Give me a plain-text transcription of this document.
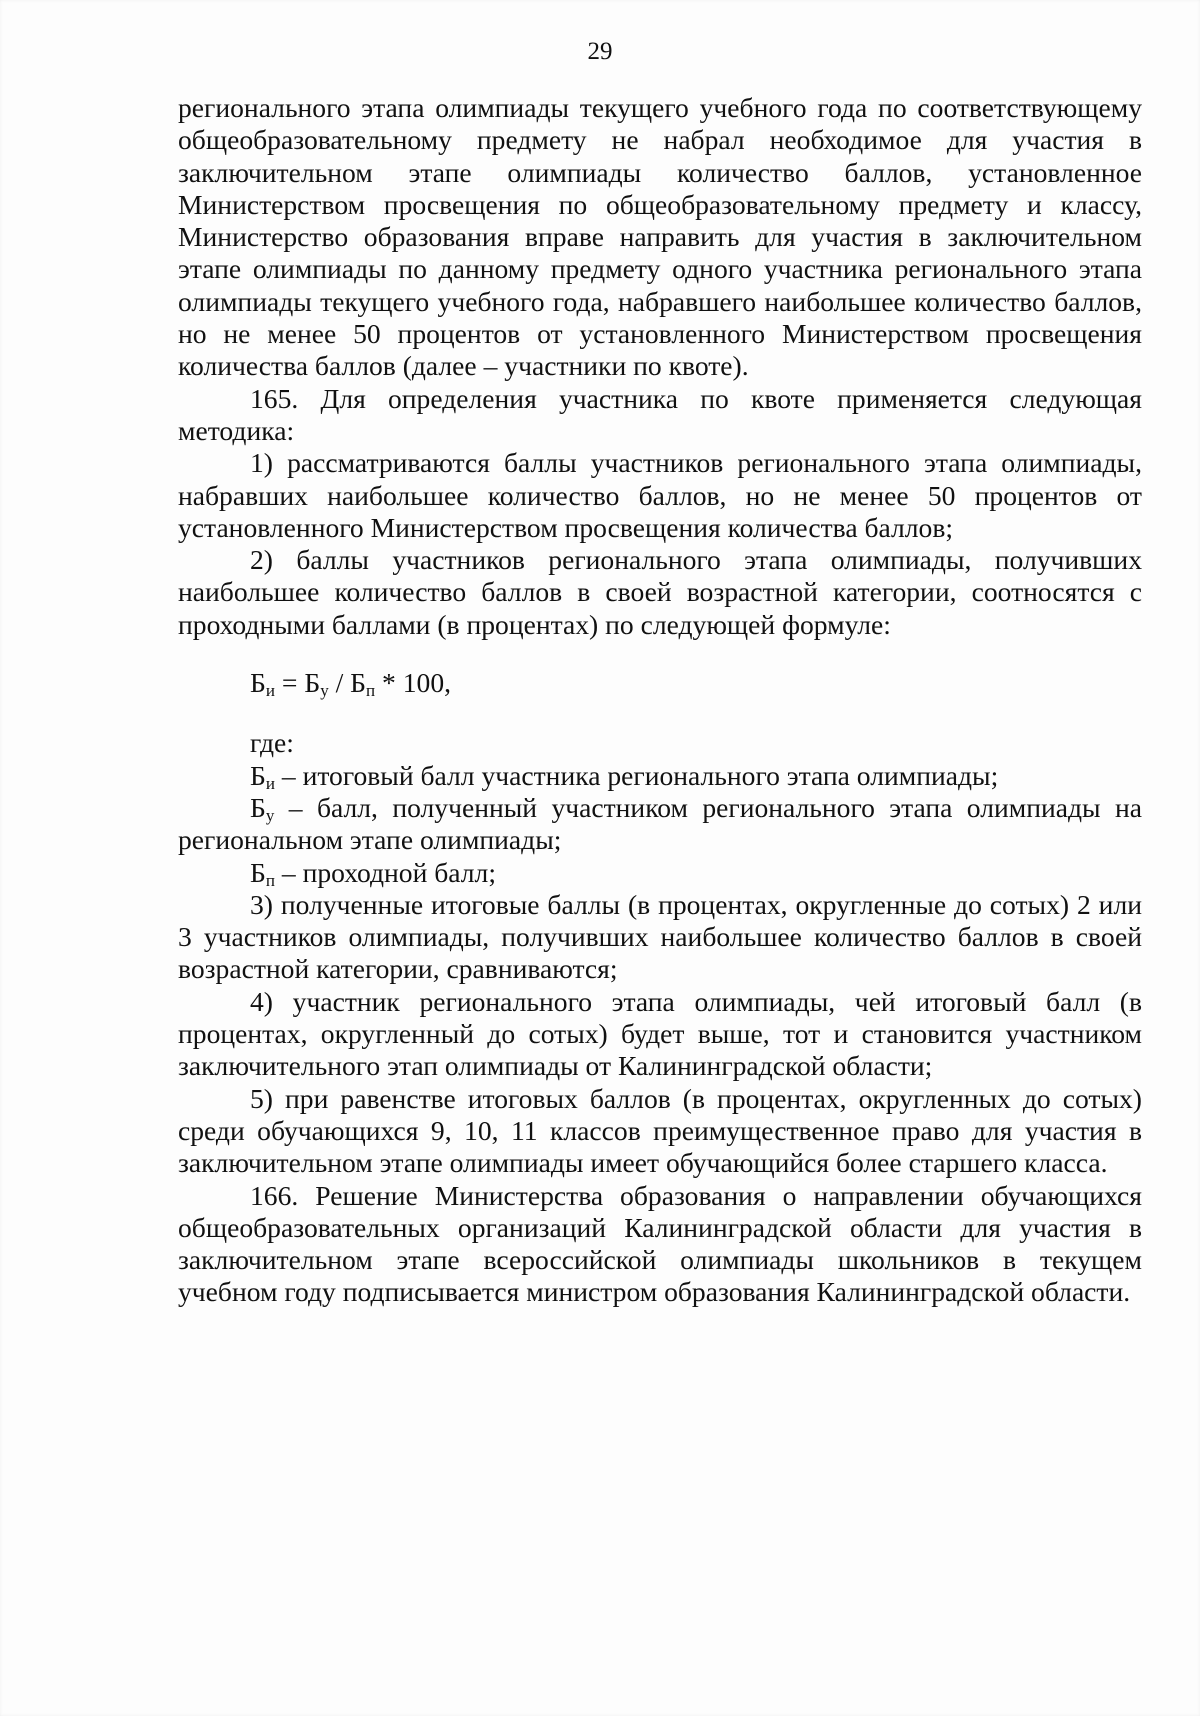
29

регионального этапа олимпиады текущего учебного года по соответствующему общеобразовательному предмету не набрал необходимое для участия в заключительном этапе олимпиады количество баллов, установленное Министерством просвещения по общеобразовательному предмету и классу, Министерство образования вправе направить для участия в заключительном этапе олимпиады по данному предмету одного участника регионального этапа олимпиады текущего учебного года, набравшего наибольшее количество баллов, но не менее 50 процентов от установленного Министерством просвещения количества баллов (далее – участники по квоте).

165. Для определения участника по квоте применяется следующая методика:

1) рассматриваются баллы участников регионального этапа олимпиады, набравших наибольшее количество баллов, но не менее 50 процентов от установленного Министерством просвещения количества баллов;

2) баллы участников регионального этапа олимпиады, получивших наибольшее количество баллов в своей возрастной категории, соотносятся с проходными баллами (в процентах) по следующей формуле:

$Б_и = Б_у / Б_п * 100$,

где:

$Б_и$ – итоговый балл участника регионального этапа олимпиады;

$Б_у$ – балл, полученный участником регионального этапа олимпиады на региональном этапе олимпиады;

$Б_п$ – проходной балл;

3) полученные итоговые баллы (в процентах, округленные до сотых) 2 или 3 участников олимпиады, получивших наибольшее количество баллов в своей возрастной категории, сравниваются;

4) участник регионального этапа олимпиады, чей итоговый балл (в процентах, округленный до сотых) будет выше, тот и становится участником заключительного этап олимпиады от Калининградской области;

5) при равенстве итоговых баллов (в процентах, округленных до сотых) среди обучающихся 9, 10, 11 классов преимущественное право для участия в заключительном этапе олимпиады имеет обучающийся более старшего класса.

166. Решение Министерства образования о направлении обучающихся общеобразовательных организаций Калининградской области для участия в заключительном этапе всероссийской олимпиады школьников в текущем учебном году подписывается министром образования Калининградской области.
